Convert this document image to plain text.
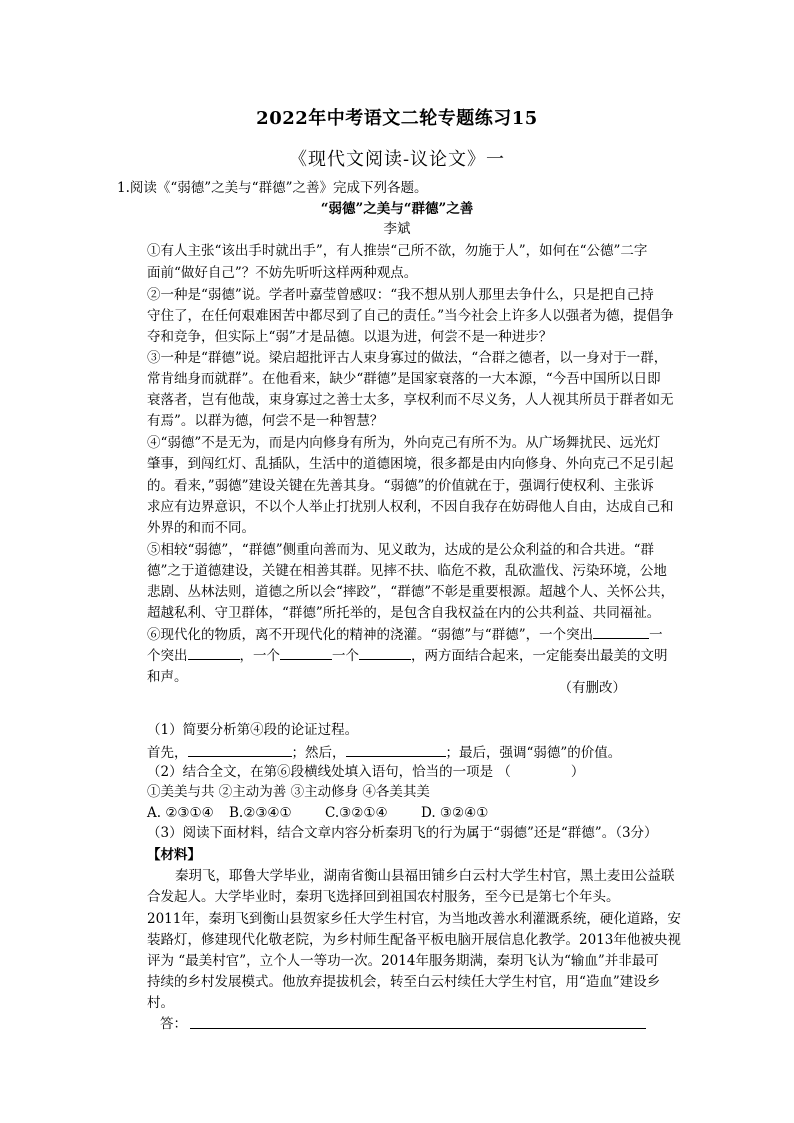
2022年中考语文二轮专题练习15
《现代文阅读-议论文》一
1.阅读《“弱德”之美与“群德”之善》完成下列各题。
“弱德”之美与“群德”之善
李斌
①有人主张“该出手时就出手”，有人推崇“己所不欲，勿施于人”，如何在“公德”二字
面前“做好自己”？不妨先听听这样两种观点。
②一种是“弱德”说。学者叶嘉莹曾感叹：“我不想从别人那里去争什么，只是把自己持
守住了，在任何艰难困苦中都尽到了自己的责任。”当今社会上许多人以强者为德，提倡争
夺和竞争，但实际上“弱”才是品德。以退为进，何尝不是一种进步？
③一种是“群德”说。梁启超批评古人束身寡过的做法，“合群之德者，以一身对于一群，
常肯绌身而就群”。在他看来，缺少“群德”是国家衰落的一大本源，“今吾中国所以日即
衰落者，岂有他哉，束身寡过之善士太多，享权利而不尽义务，人人视其所员于群者如无
有焉”。以群为德，何尝不是一种智慧？
④“弱德”不是无为，而是内向修身有所为，外向克己有所不为。从广场舞扰民、远光灯
肇事，到闯红灯、乱插队，生活中的道德困境，很多都是由内向修身、外向克己不足引起
的。看来，”弱德”建设关键在先善其身。“弱德”的价值就在于，强调行使权利、主张诉
求应有边界意识，不以个人举止打扰别人权利，不因自我存在妨碍他人自由，达成自己和
外界的和而不同。
⑤相较“弱德”，“群德”侧重向善而为、见义敢为，达成的是公众利益的和合共进。“群
德”之于道德建设，关键在相善其群。见摔不扶、临危不救，乱砍滥伐、污染环境，公地
悲剧、丛林法则，道德之所以会“摔跤”，“群德”不彰是重要根源。超越个人、关怀公共，
超越私利、守卫群体，“群德”所托举的，是包含自我权益在内的公共利益、共同福祉。
⑥现代化的物质，离不开现代化的精神的浇灌。“弱德”与“群德”，一个突出	一
个突出	，一个	一个	，两方面结合起来，一定能奏出最美的文明
和声。
（有删改）
（1）简要分析第④段的论证过程。
首先，	；然后，	；最后，强调“弱德”的价值。
（2）结合全文，在第⑥段横线处填入语句，恰当的一项是 （	）
①美美与共 ②主动为善 ③主动修身 ④各美其美
A. ②③①④ B.②③④① C.③②①④ D. ③②④①
（3）阅读下面材料，结合文章内容分析秦玥飞的行为属于“弱德”还是“群德”。（3分）
【材料】
秦玥飞，耶鲁大学毕业，湖南省衡山县福田铺乡白云村大学生村官，黑土麦田公益联
合发起人。大学毕业时，秦玥飞选择回到祖国农村服务，至今已是第七个年头。
2011年，秦玥飞到衡山县贺家乡任大学生村官，为当地改善水利灌溉系统，硬化道路，安
装路灯，修建现代化敬老院，为乡村师生配备平板电脑开展信息化教学。2013年他被央视
评为 “最美村官”，立个人一等功一次。2014年服务期满，秦玥飞认为“输血”并非最可
持续的乡村发展模式。他放弃提拔机会，转至白云村续任大学生村官，用“造血”建设乡
村。
答：
